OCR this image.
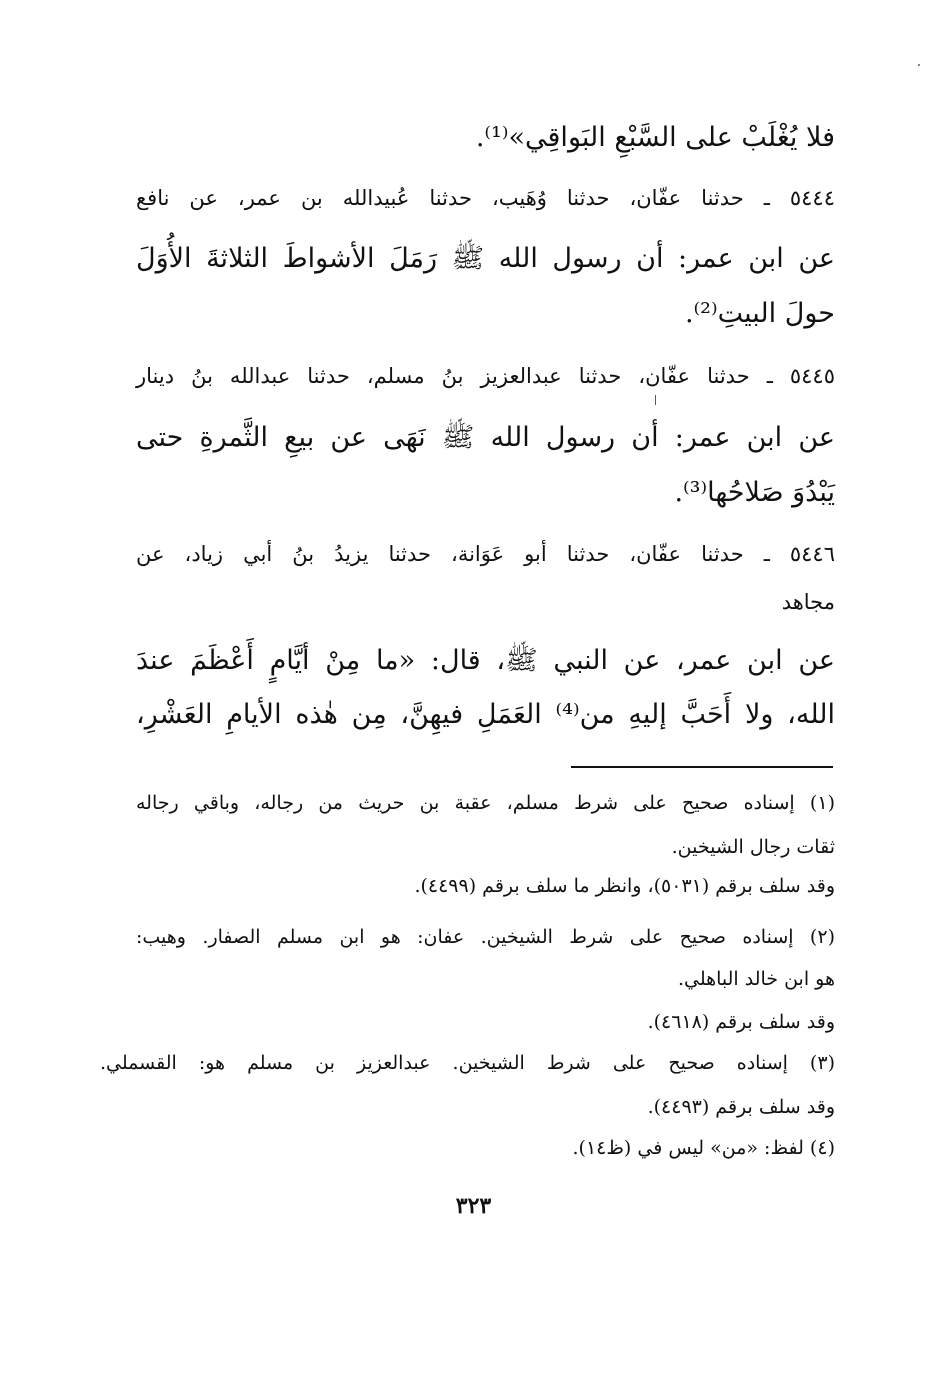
فلا يُغْلَبْ على السَّبْعِ البَواقِي»⁽¹⁾.
٥٤٤٤ ـ حدثنا عفّان، حدثنا وُهَيب، حدثنا عُبيدالله بن عمر، عن نافع
عن ابن عمر: أن رسول الله ﷺ رَمَلَ الأشواطَ الثلاثةَ الأُوَلَ
حولَ البيتِ⁽²⁾.
٥٤٤٥ ـ حدثنا عفّان، حدثنا عبدالعزيز بنُ مسلم، حدثنا عبدالله بنُ دينار
عن ابن عمر: أن رسول الله ﷺ نَهَى عن بيعِ الثَّمرةِ حتى
يَبْدُوَ صَلاحُها⁽³⁾.
٥٤٤٦ ـ حدثنا عفّان، حدثنا أبو عَوَانة، حدثنا يزيدُ بنُ أبي زياد، عن
مجاهد
عن ابن عمر، عن النبي ﷺ، قال: «ما مِنْ أيَّامٍ أَعْظَمَ عندَ
الله، ولا أَحَبَّ إليهِ من⁽⁴⁾ العَمَلِ فيهِنَّ، مِن هٰذه الأيامِ العَشْرِ،
(١) إسناده صحيح على شرط مسلم، عقبة بن حريث من رجاله، وباقي رجاله
ثقات رجال الشيخين.
وقد سلف برقم (٥٠٣١)، وانظر ما سلف برقم (٤٤٩٩).
(٢) إسناده صحيح على شرط الشيخين. عفان: هو ابن مسلم الصفار. وهيب:
هو ابن خالد الباهلي.
وقد سلف برقم (٤٦١٨).
(٣) إسناده صحيح على شرط الشيخين. عبدالعزيز بن مسلم هو: القسملي.
وقد سلف برقم (٤٤٩٣).
(٤) لفظ: «من» ليس في (ظ١٤).
٣٢٣
